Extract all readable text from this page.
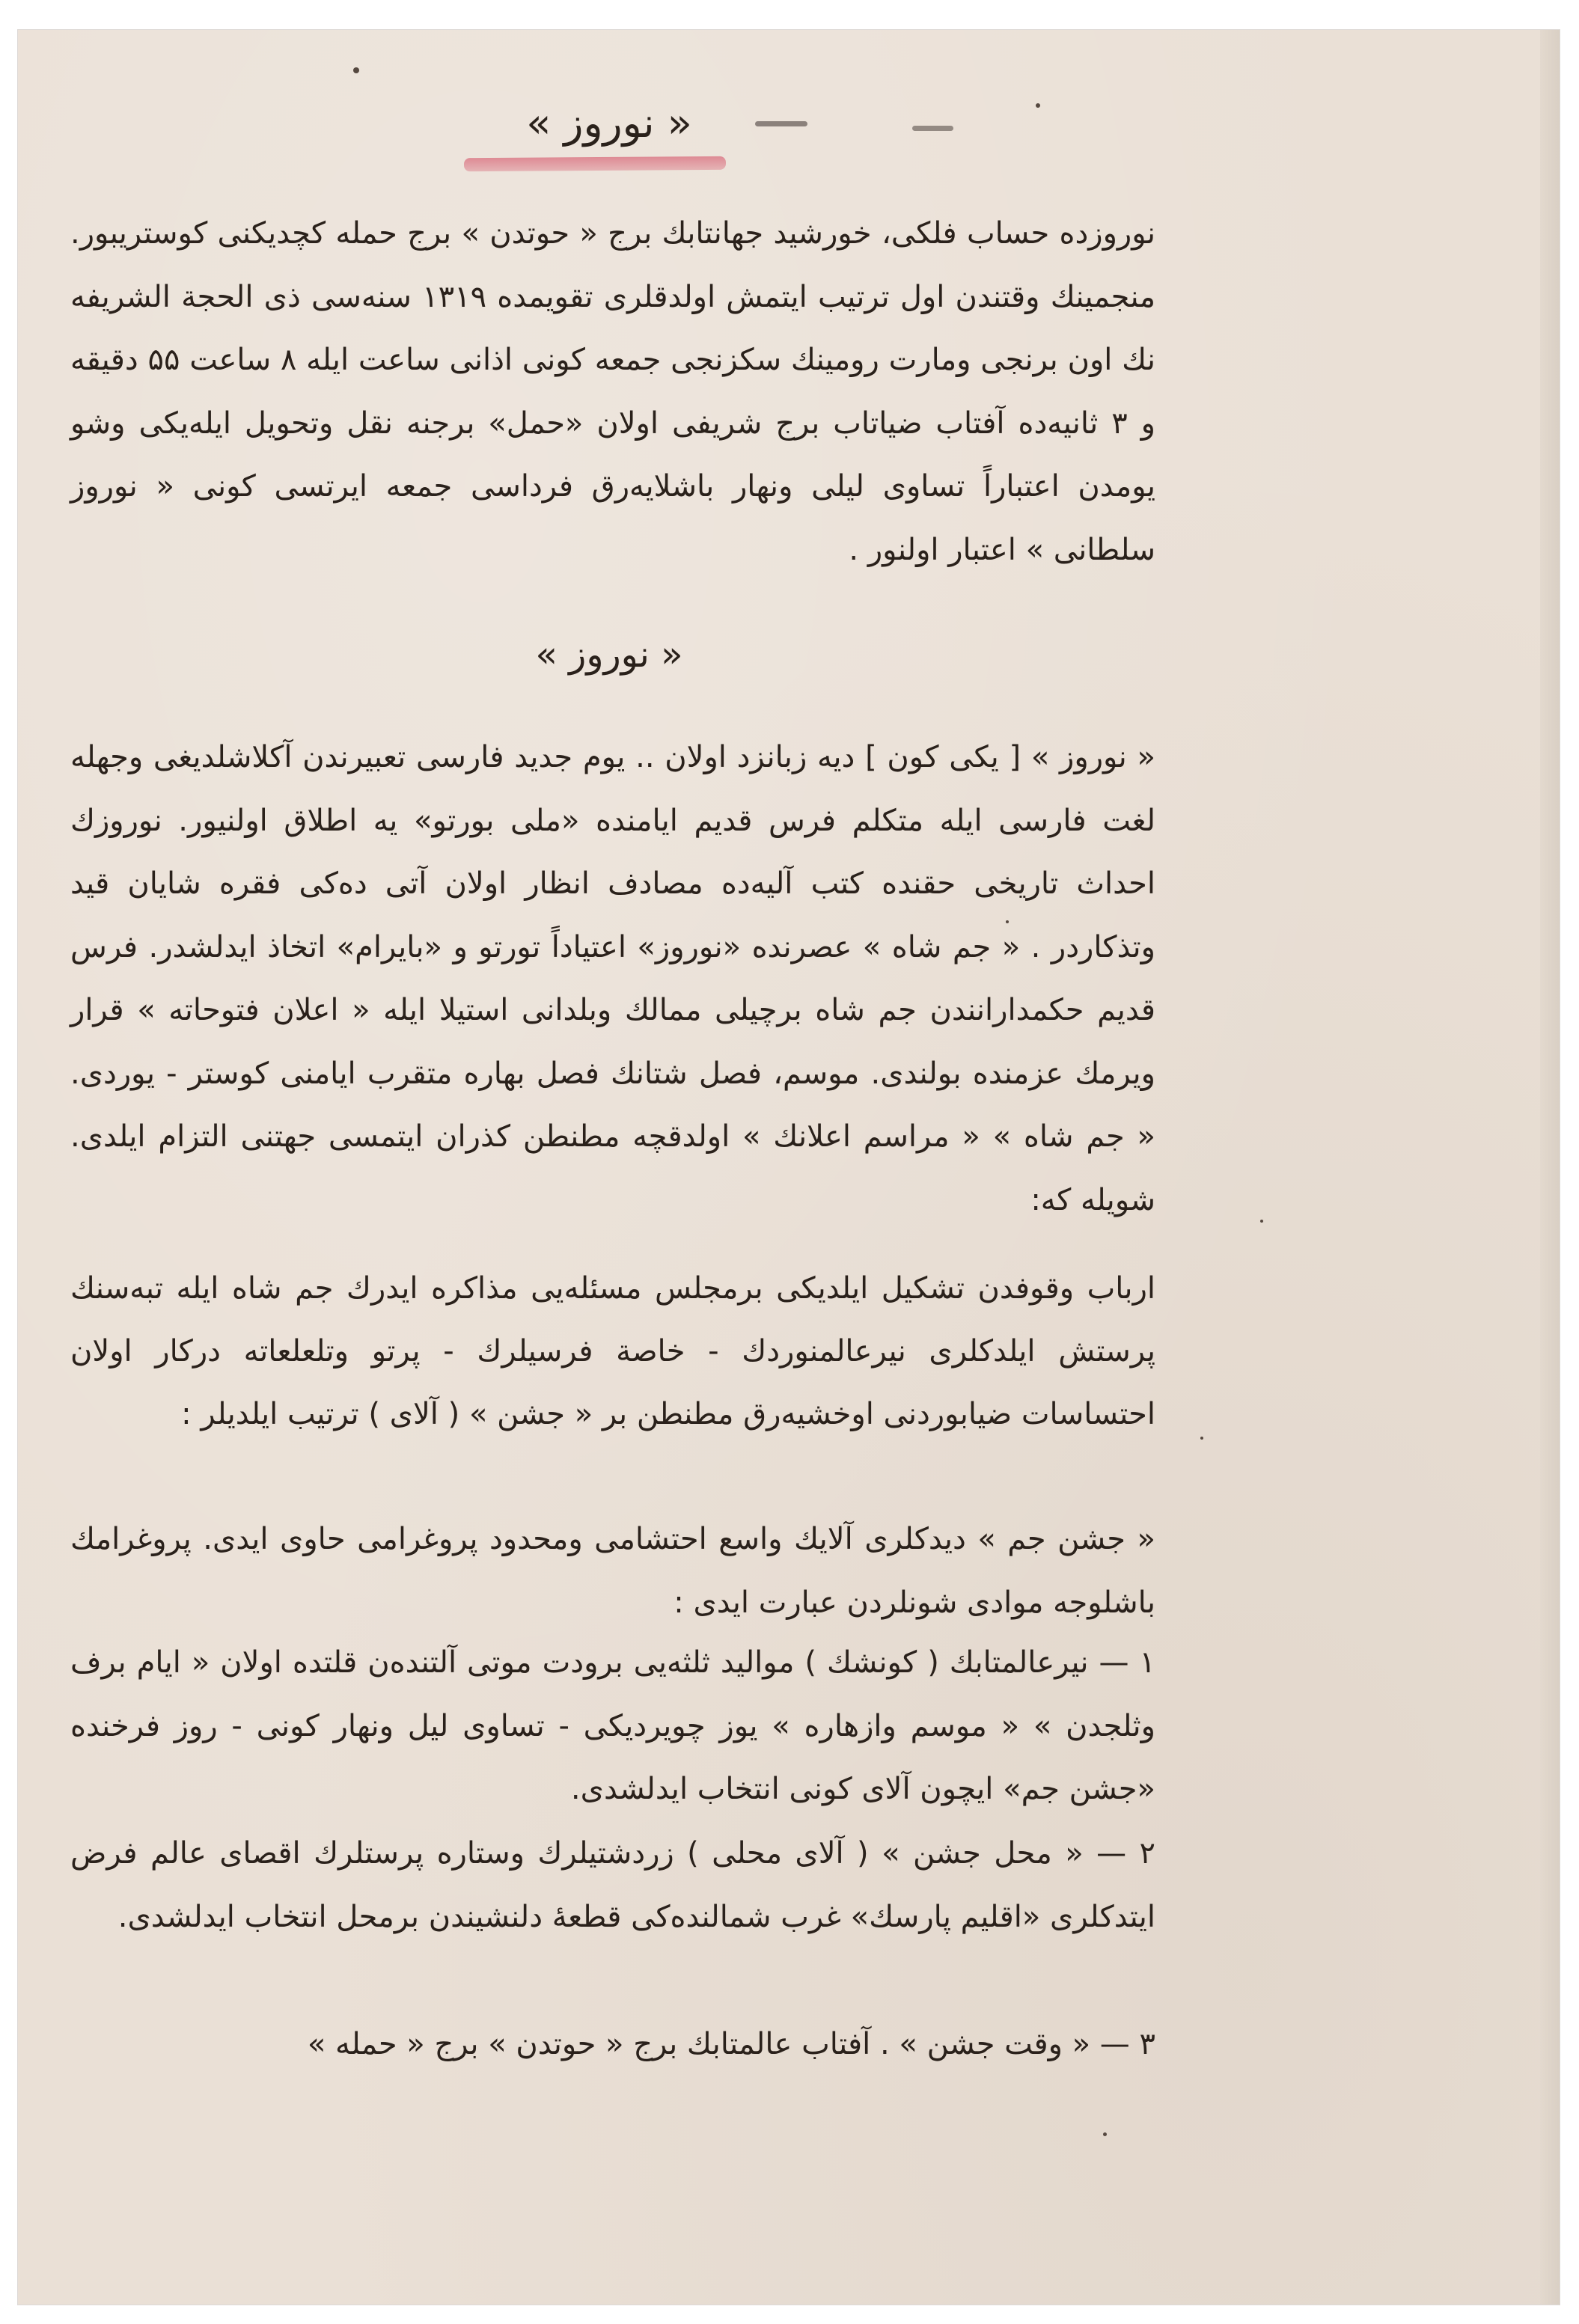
« نوروز »

نوروزده حساب فلکی، خورشید جهانتابك برج « حوتدن » برج حمله كچدیكنی كوستریبور. منجمینك وقتندن اول ترتیب ایتمش اولدقلری تقویمده ۱۳۱۹ سنه‌سی ذی الحجة الشریفه نك اون برنجی ومارت رومینك سكزنجی جمعه كونی اذانی ساعت ایله ۸ ساعت ۵۵ دقیقه و ۳ ثانیه‌ده آفتاب ضیاتاب برج شریفی اولان «حمل» برجنه نقل وتحویل ایله‌یكی وشو یومدن اعتباراً تساوی لیلی ونهار باشلایه‌رق فرداسی جمعه ایرتسی كونی « نوروز سلطانی » اعتبار اولنور .

« نوروز »

« نوروز » [ یكی كون ] دیه زبانزد اولان .. یوم جدید فارسی تعبیرندن آكلاشلدیغی وجهله لغت فارسی ایله متكلم فرس قدیم ایامنده «ملی بورتو» یه اطلاق اولنیور. نوروزك احداث تاریخی حقنده كتب آلیه‌ده مصادف انظار اولان آتی ده‌كی فقره شایان قید وتذكاردر . « جم شاه » عصرنده «نوروز» اعتیاداً تورتو و «بایرام» اتخاذ ایدلشدر. فرس قدیم حكمدارانندن جم شاه برچیلی ممالك وبلدانی استیلا ایله « اعلان فتوحاته » قرار ویرمك عزمنده بولندی. موسم، فصل شتانك فصل بهاره متقرب ایامنی كوستر - یوردی. « جم شاه » « مراسم اعلانك » اولدقچه مطنطن كذران ایتمسی جهتنی التزام ایلدی. شویله كه:

ارباب وقوفدن تشكیل ایلدیكی برمجلس مسئله‌یی مذاكره ایدرك جم شاه ایله تبه‌سنك پرستش ایلدكلری نیرعالمنوردك - خاصة فرسیلرك - پرتو وتلعلعاته دركار اولان احتساسات ضیابوردنی اوخشیه‌رق مطنطن بر « جشن » ( آلای ) ترتیب ایلدیلر :

« جشن جم » دیدكلری آلایك واسع احتشامی ومحدود پروغرامی حاوی ایدی. پروغرامك باشلوجه موادی شونلردن عبارت ایدی :

۱ — نیرعالمتابك ( كونشك ) موالید ثلثه‌یی برودت موتی آلتنده‌ن قلتده اولان « ایام برف وثلجدن » « موسم وازهاره » یوز چویردیكی - تساوی لیل ونهار كونی - روز فرخنده «جشن جم» ایچون آلای كونی انتخاب ایدلشدی.

۲ — « محل جشن » ( آلای محلی ) زردشتیلرك وستاره پرستلرك اقصای عالم فرض ایتدكلری «اقلیم پارسك» غرب شمالنده‌كی قطعهٔ دلنشیندن برمحل انتخاب ایدلشدی.

۳ — « وقت جشن » . آفتاب عالمتابك برج « حوتدن » برج « حمله »
